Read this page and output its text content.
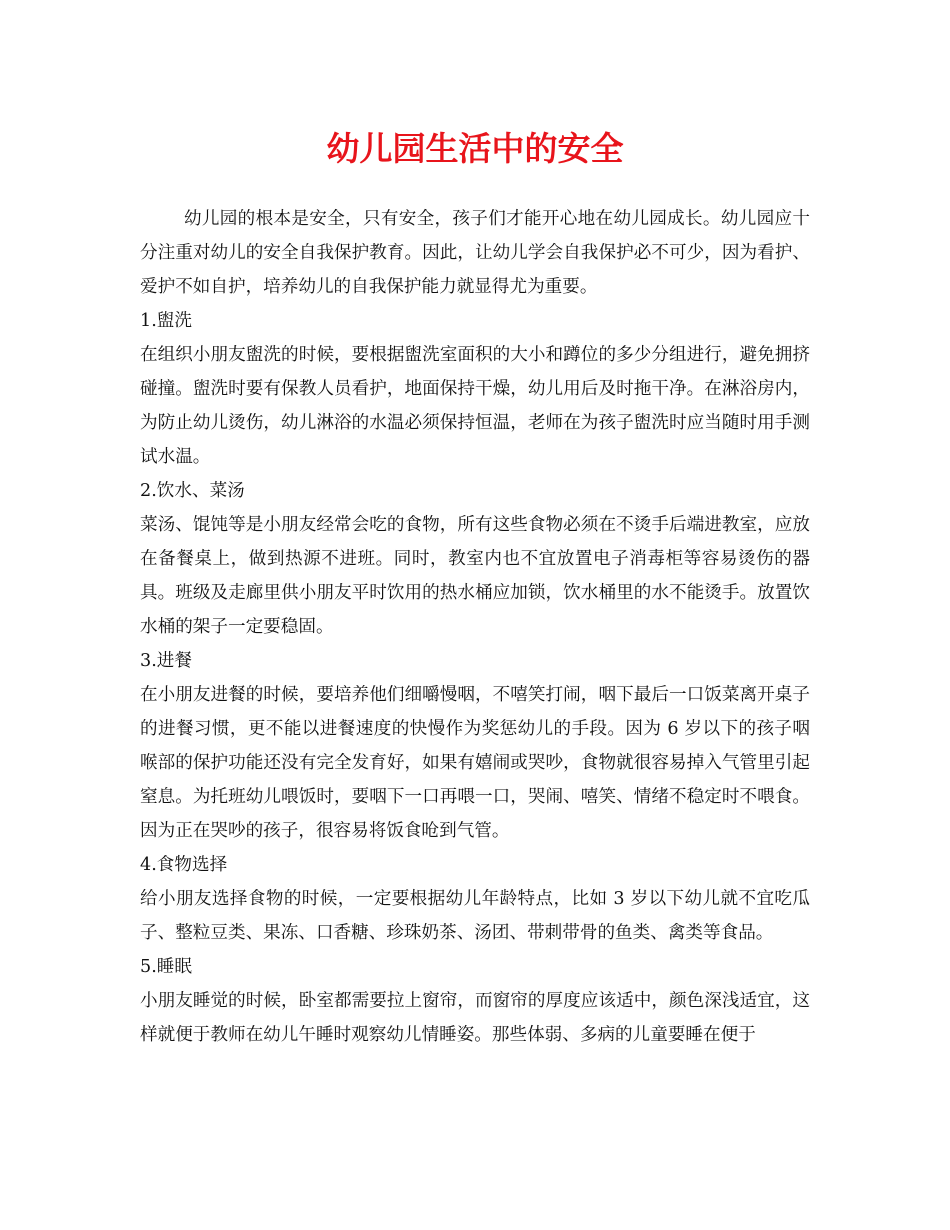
幼儿园生活中的安全

幼儿园的根本是安全，只有安全，孩子们才能开心地在幼儿园成长。幼儿园应十分注重对幼儿的安全自我保护教育。因此，让幼儿学会自我保护必不可少，因为看护、爱护不如自护，培养幼儿的自我保护能力就显得尤为重要。

1.盥洗

在组织小朋友盥洗的时候，要根据盥洗室面积的大小和蹲位的多少分组进行，避免拥挤碰撞。盥洗时要有保教人员看护，地面保持干燥，幼儿用后及时拖干净。在淋浴房内，为防止幼儿烫伤，幼儿淋浴的水温必须保持恒温，老师在为孩子盥洗时应当随时用手测试水温。

2.饮水、菜汤

菜汤、馄饨等是小朋友经常会吃的食物，所有这些食物必须在不烫手后端进教室，应放在备餐桌上，做到热源不进班。同时，教室内也不宜放置电子消毒柜等容易烫伤的器具。班级及走廊里供小朋友平时饮用的热水桶应加锁，饮水桶里的水不能烫手。放置饮水桶的架子一定要稳固。

3.进餐

在小朋友进餐的时候，要培养他们细嚼慢咽，不嘻笑打闹，咽下最后一口饭菜离开桌子的进餐习惯，更不能以进餐速度的快慢作为奖惩幼儿的手段。因为 6 岁以下的孩子咽喉部的保护功能还没有完全发育好，如果有嬉闹或哭吵，食物就很容易掉入气管里引起窒息。为托班幼儿喂饭时，要咽下一口再喂一口，哭闹、嘻笑、情绪不稳定时不喂食。因为正在哭吵的孩子，很容易将饭食呛到气管。

4.食物选择

给小朋友选择食物的时候，一定要根据幼儿年龄特点，比如 3 岁以下幼儿就不宜吃瓜子、整粒豆类、果冻、口香糖、珍珠奶茶、汤团、带刺带骨的鱼类、禽类等食品。

5.睡眠

小朋友睡觉的时候，卧室都需要拉上窗帘，而窗帘的厚度应该适中，颜色深浅适宜，这样就便于教师在幼儿午睡时观察幼儿情睡姿。那些体弱、多病的儿童要睡在便于
